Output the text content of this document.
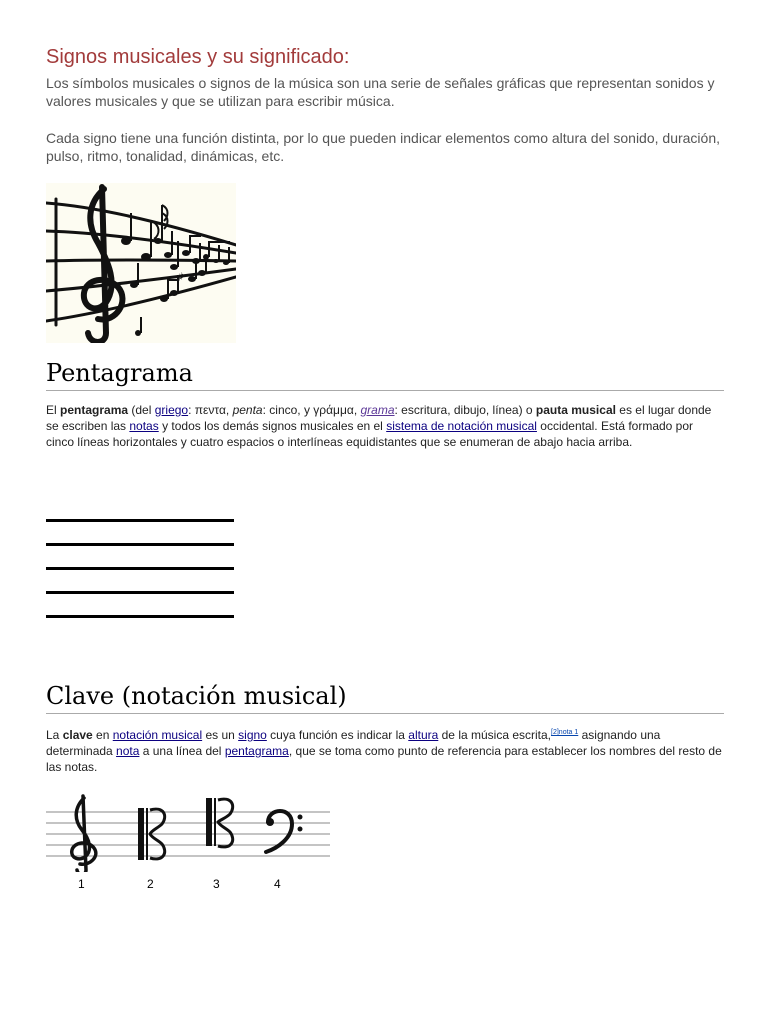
Signos musicales y su significado:

Los símbolos musicales o signos de la música son una serie de señales gráficas que representan sonidos y valores musicales y que se utilizan para escribir música.

Cada signo tiene una función distinta, por lo que pueden indicar elementos como altura del sonido, duración, pulso, ritmo, tonalidad, dinámicas, etc.

♯
Pentagrama

El pentagrama (del griego: πεντα, penta: cinco, y γράμμα, grama: escritura, dibujo, línea) o pauta musical es el lugar donde se escriben las notas y todos los demás signos musicales en el sistema de notación musical occidental. Está formado por cinco líneas horizontales y cuatro espacios o interlíneas equidistantes que se enumeran de abajo hacia arriba.

Clave (notación musical)

La clave en notación musical es un signo cuya función es indicar la altura de la música escrita,$^{[2]nota 1}$ asignando una determinada nota a una línea del pentagrama, que se toma como punto de referencia para establecer los nombres del resto de las notas.

1	2	3	4
